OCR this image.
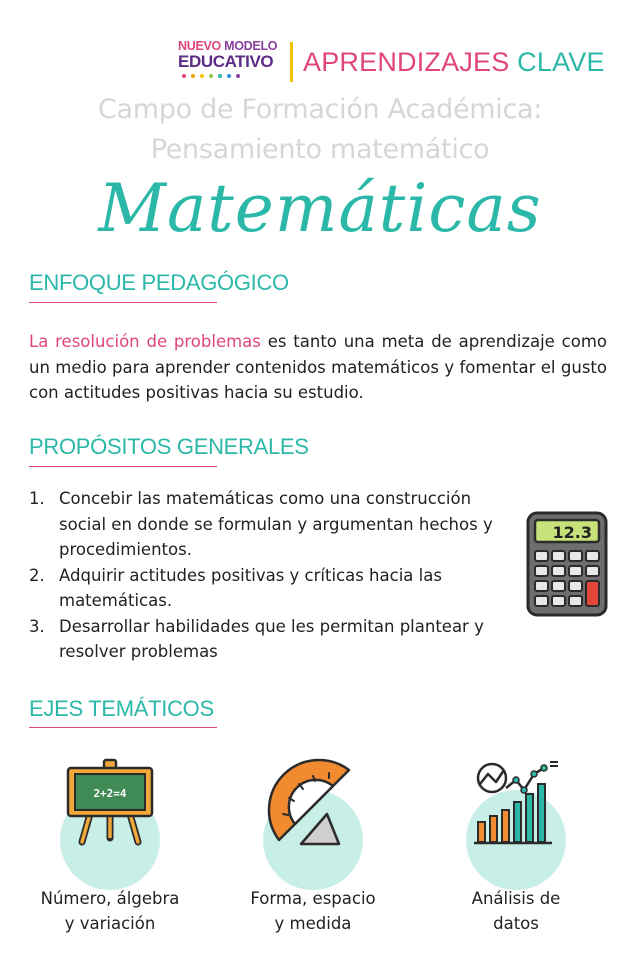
NUEVO MODELO
EDUCATIVO	APRENDIZAJES CLAVE
Campo de Formación Académica:
Pensamiento matemático
Matemáticas
ENFOQUE PEDAGÓGICO

La resolución de problemas es tanto una meta de aprendizaje como un medio para aprender contenidos matemáticos y fomentar el gusto con actitudes positivas hacia su estudio.

PROPÓSITOS GENERALES
1. Concebir las matemáticas como una construcción social en donde se formulan y argumentan hechos y procedimientos.
2. Adquirir actitudes positivas y críticas hacia las matemáticas.
3. Desarrollar habilidades que les permitan plantear y resolver problemas
12.3
EJES TEMÁTICOS
2+2=4
Número, álgebra
y variación
Forma, espacio
y medida
Análisis de
datos
